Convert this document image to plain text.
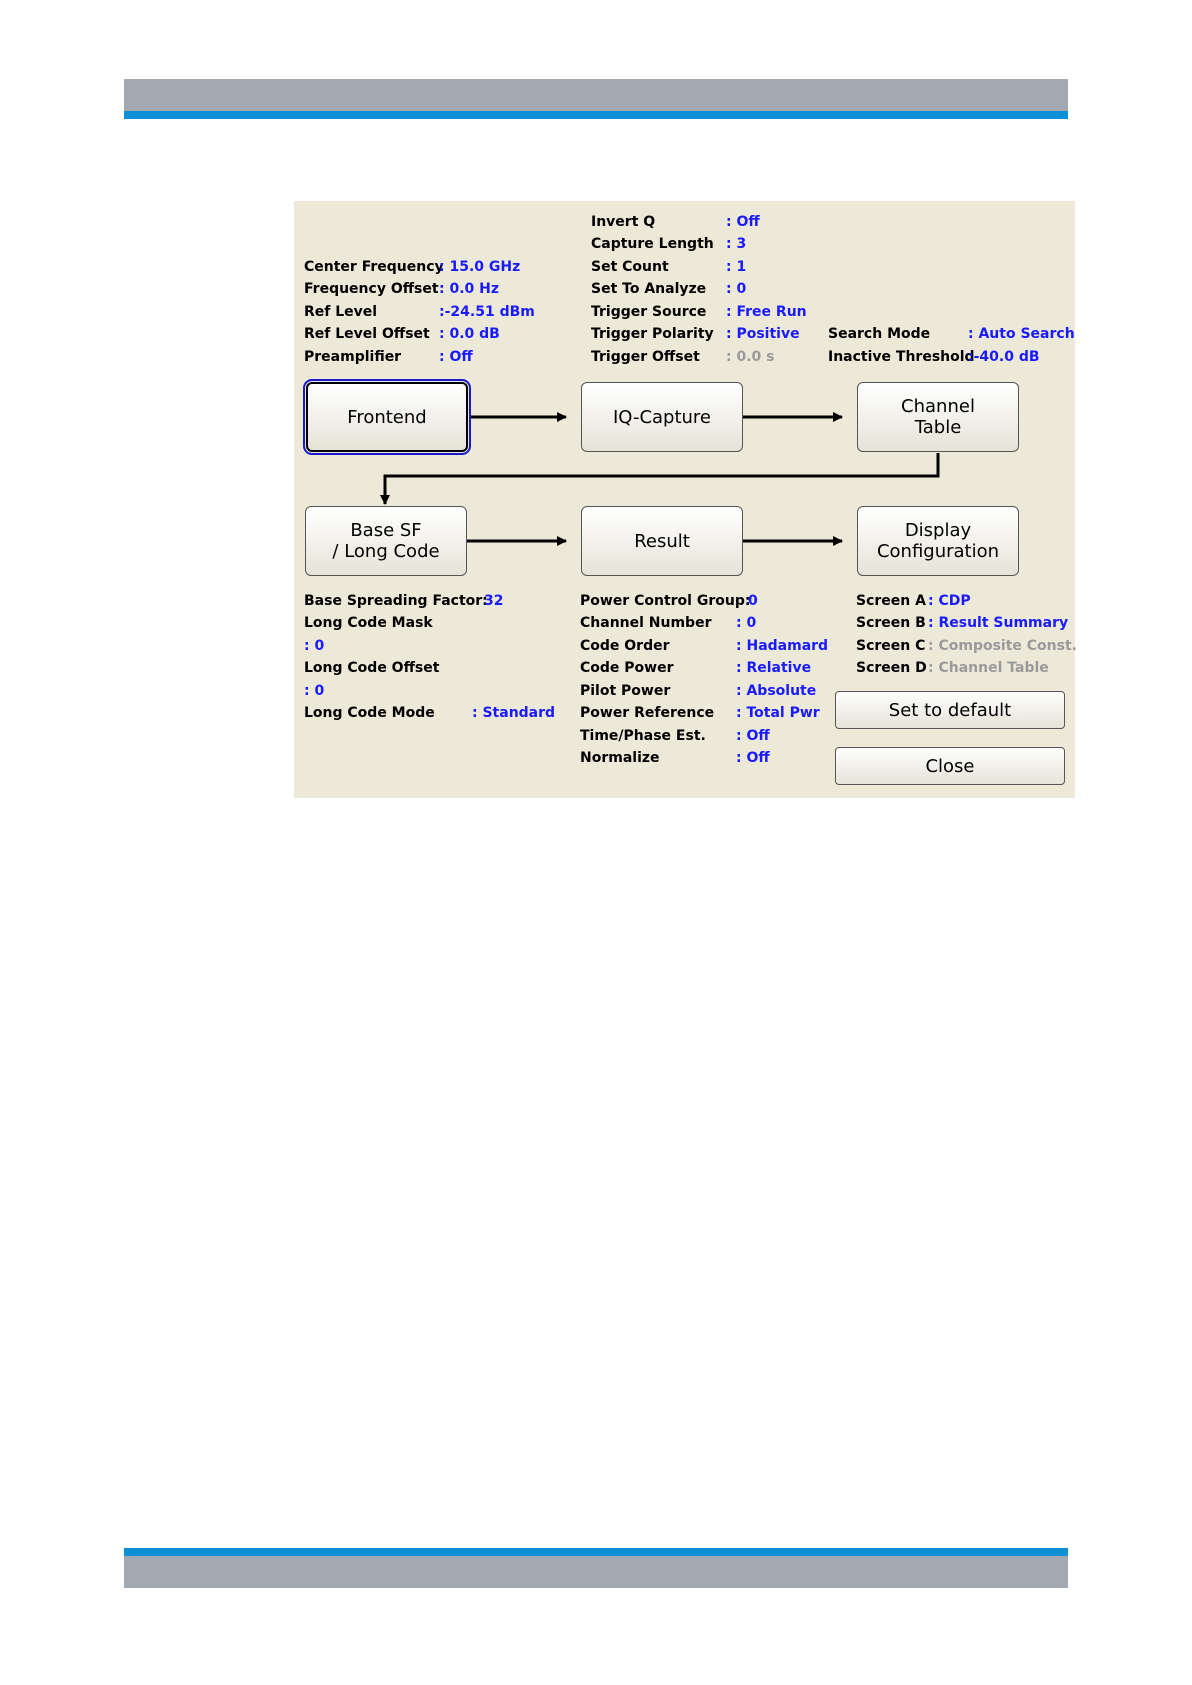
Center Frequency
: 15.0 GHz
Frequency Offset : 0.0 Hz
Ref Level	:-24.51 dBm
Ref Level Offset : 0.0 dB
Preamplifier	: Off
Invert Q	: Off
Capture Length : 3
Set Count	: 1
Set To Analyze : 0
Trigger Source : Free Run
Trigger Polarity : Positive
Trigger Offset : 0.0 s
Search Mode	: Auto Search
Inactive Threshold
:-40.0 dB
Frontend	IQ-Capture	Channel
Table
Base SF
/ Long Code	Result	Display
Configuration
Base Spreading Factor:
32
Long Code Mask
: 0
Long Code Offset
: 0
Long Code Mode	: Standard
Power Control Group:
0
Channel Number : 0
Code Order	: Hadamard
Code Power	: Relative
Pilot Power	: Absolute
Power Reference : Total Pwr
Time/Phase Est. : Off
Normalize	: Off
Screen A : CDP
Screen B : Result Summary
Screen C : Composite Const.
Screen D : Channel Table
Set to default
Close
